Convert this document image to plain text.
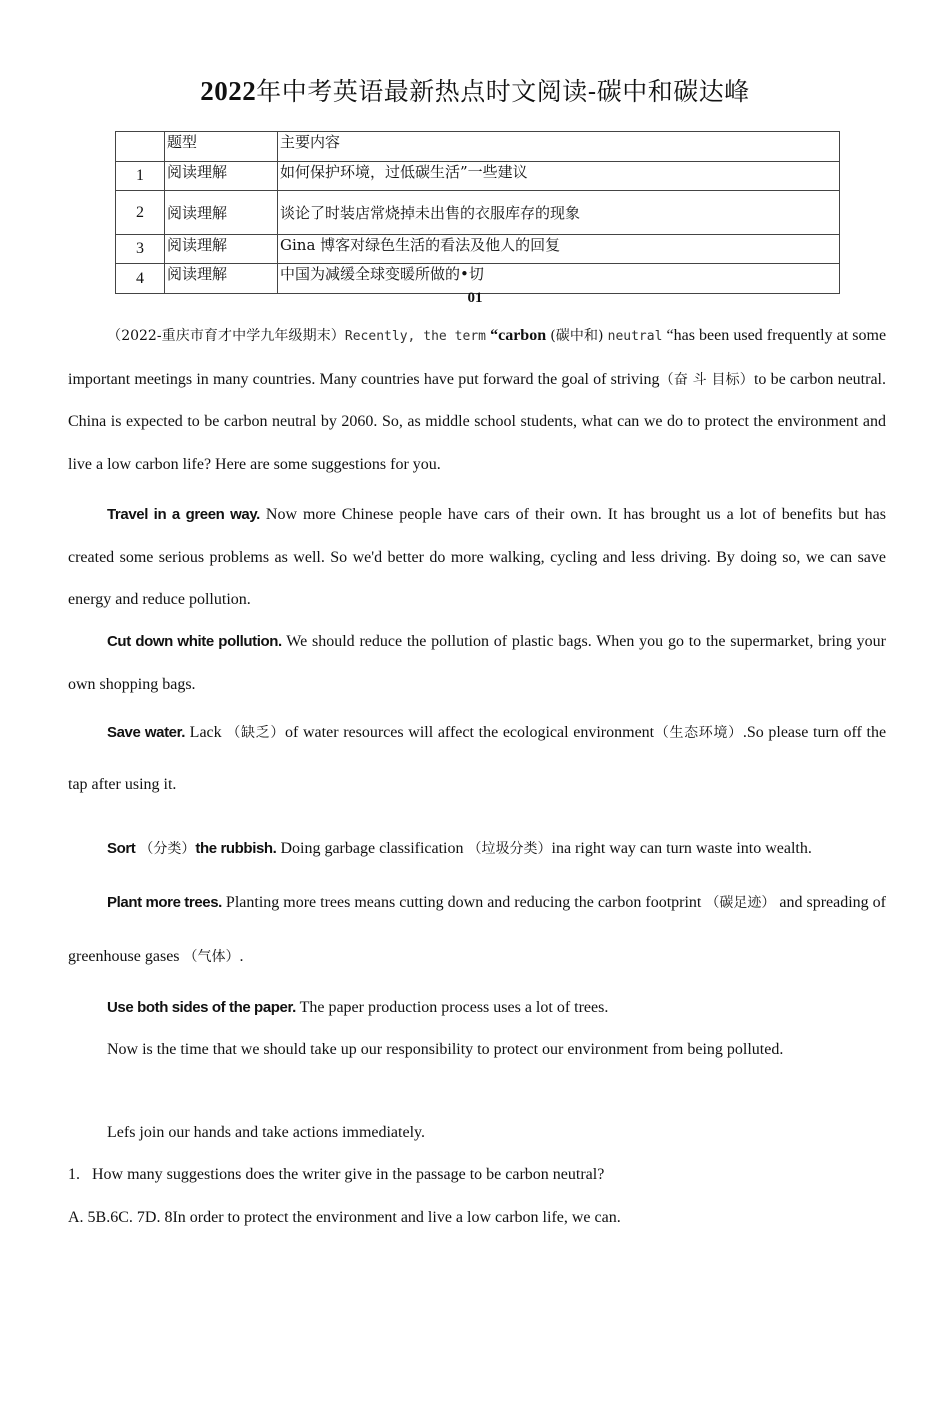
2022年中考英语最新热点时文阅读-碳中和碳达峰
	题型	主要内容
1	阅读理解	如何保护环境，过低碳生活”一些建议
2	阅读理解	谈论了时装店常烧掉未出售的衣服库存的现象
3	阅读理解	Gina 博客对绿色生活的看法及他人的回复
4	阅读理解	中国为减缓全球变暖所做的•切
01
（2022-重庆市育才中学九年级期末）Recently, the term “carbon (碳中和) neutral “has been used frequently at some important meetings in many countries. Many countries have put forward the goal of striving（奋 斗 目标）to be carbon neutral. China is expected to be carbon neutral by 2060. So, as middle school students, what can we do to protect the environment and live a low carbon life? Here are some suggestions for you.
Travel in a green way. Now more Chinese people have cars of their own. It has brought us a lot of benefits but has created some serious problems as well. So we'd better do more walking, cycling and less driving. By doing so, we can save energy and reduce pollution.
Cut down white pollution. We should reduce the pollution of plastic bags. When you go to the supermarket, bring your own shopping bags.
Save water. Lack （缺乏）of water resources will affect the ecological environment（生态环境）.So please turn off the tap after using it.
Sort （分类）the rubbish. Doing garbage classification （垃圾分类）ina right way can turn waste into wealth.
Plant more trees. Planting more trees means cutting down and reducing the carbon footprint （碳足迹） and spreading of greenhouse gases （气体）.
Use both sides of the paper. The paper production process uses a lot of trees.
Now is the time that we should take up our responsibility to protect our environment from being polluted.
Lefs join our hands and take actions immediately.
1. How many suggestions does the writer give in the passage to be carbon neutral?
A. 5B.6C. 7D. 8In order to protect the environment and live a low carbon life, we can.
